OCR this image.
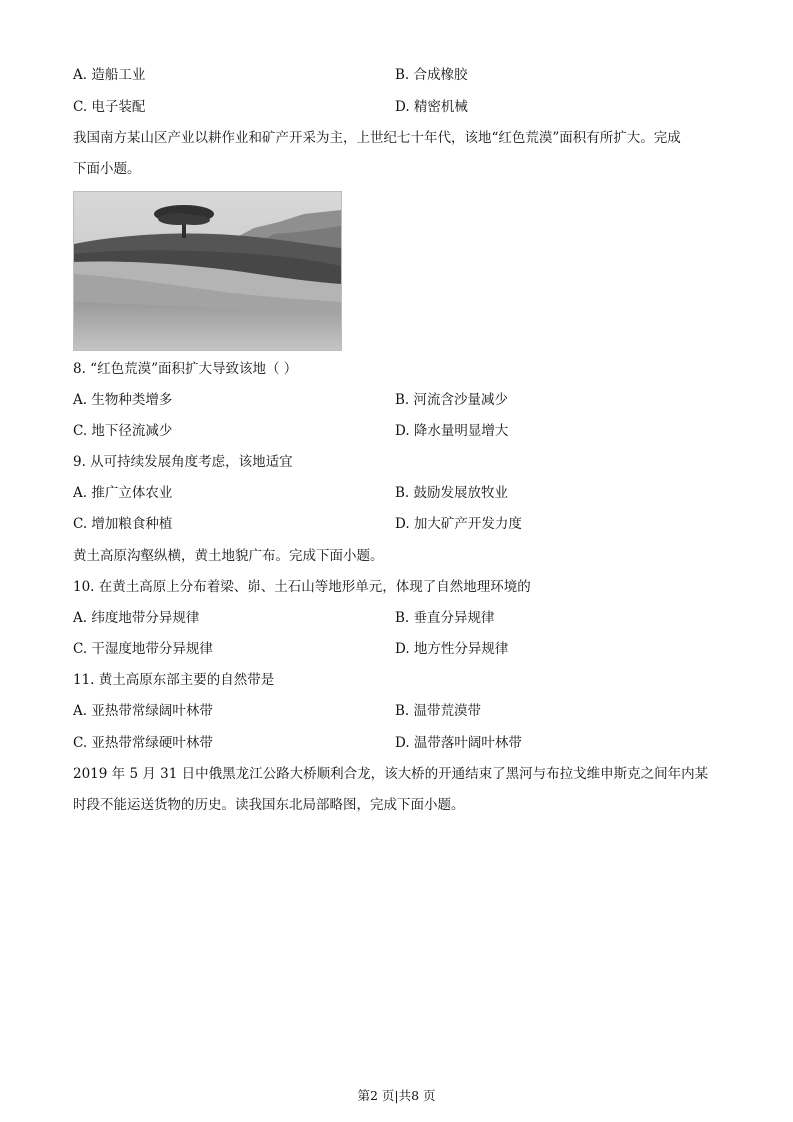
A. 造船工业	B. 合成橡胶
C. 电子装配	D. 精密机械
我国南方某山区产业以耕作业和矿产开采为主，上世纪七十年代，该地“红色荒漠”面积有所扩大。完成
下面小题。
8. “红色荒漠”面积扩大导致该地（ ）
A. 生物种类增多	B. 河流含沙量减少
C. 地下径流减少	D. 降水量明显增大
9. 从可持续发展角度考虑，该地适宜
A. 推广立体农业	B. 鼓励发展放牧业
C. 增加粮食种植	D. 加大矿产开发力度
黄土高原沟壑纵横，黄土地貌广布。完成下面小题。
10. 在黄土高原上分布着梁、峁、土石山等地形单元，体现了自然地理环境的
A. 纬度地带分异规律	B. 垂直分异规律
C. 干湿度地带分异规律	D. 地方性分异规律
11. 黄土高原东部主要的自然带是
A. 亚热带常绿阔叶林带	B. 温带荒漠带
C. 亚热带常绿硬叶林带	D. 温带落叶阔叶林带
2019 年 5 月 31 日中俄黑龙江公路大桥顺利合龙，该大桥的开通结束了黑河与布拉戈维申斯克之间年内某
时段不能运送货物的历史。读我国东北局部略图，完成下面小题。
第2 页|共8 页
